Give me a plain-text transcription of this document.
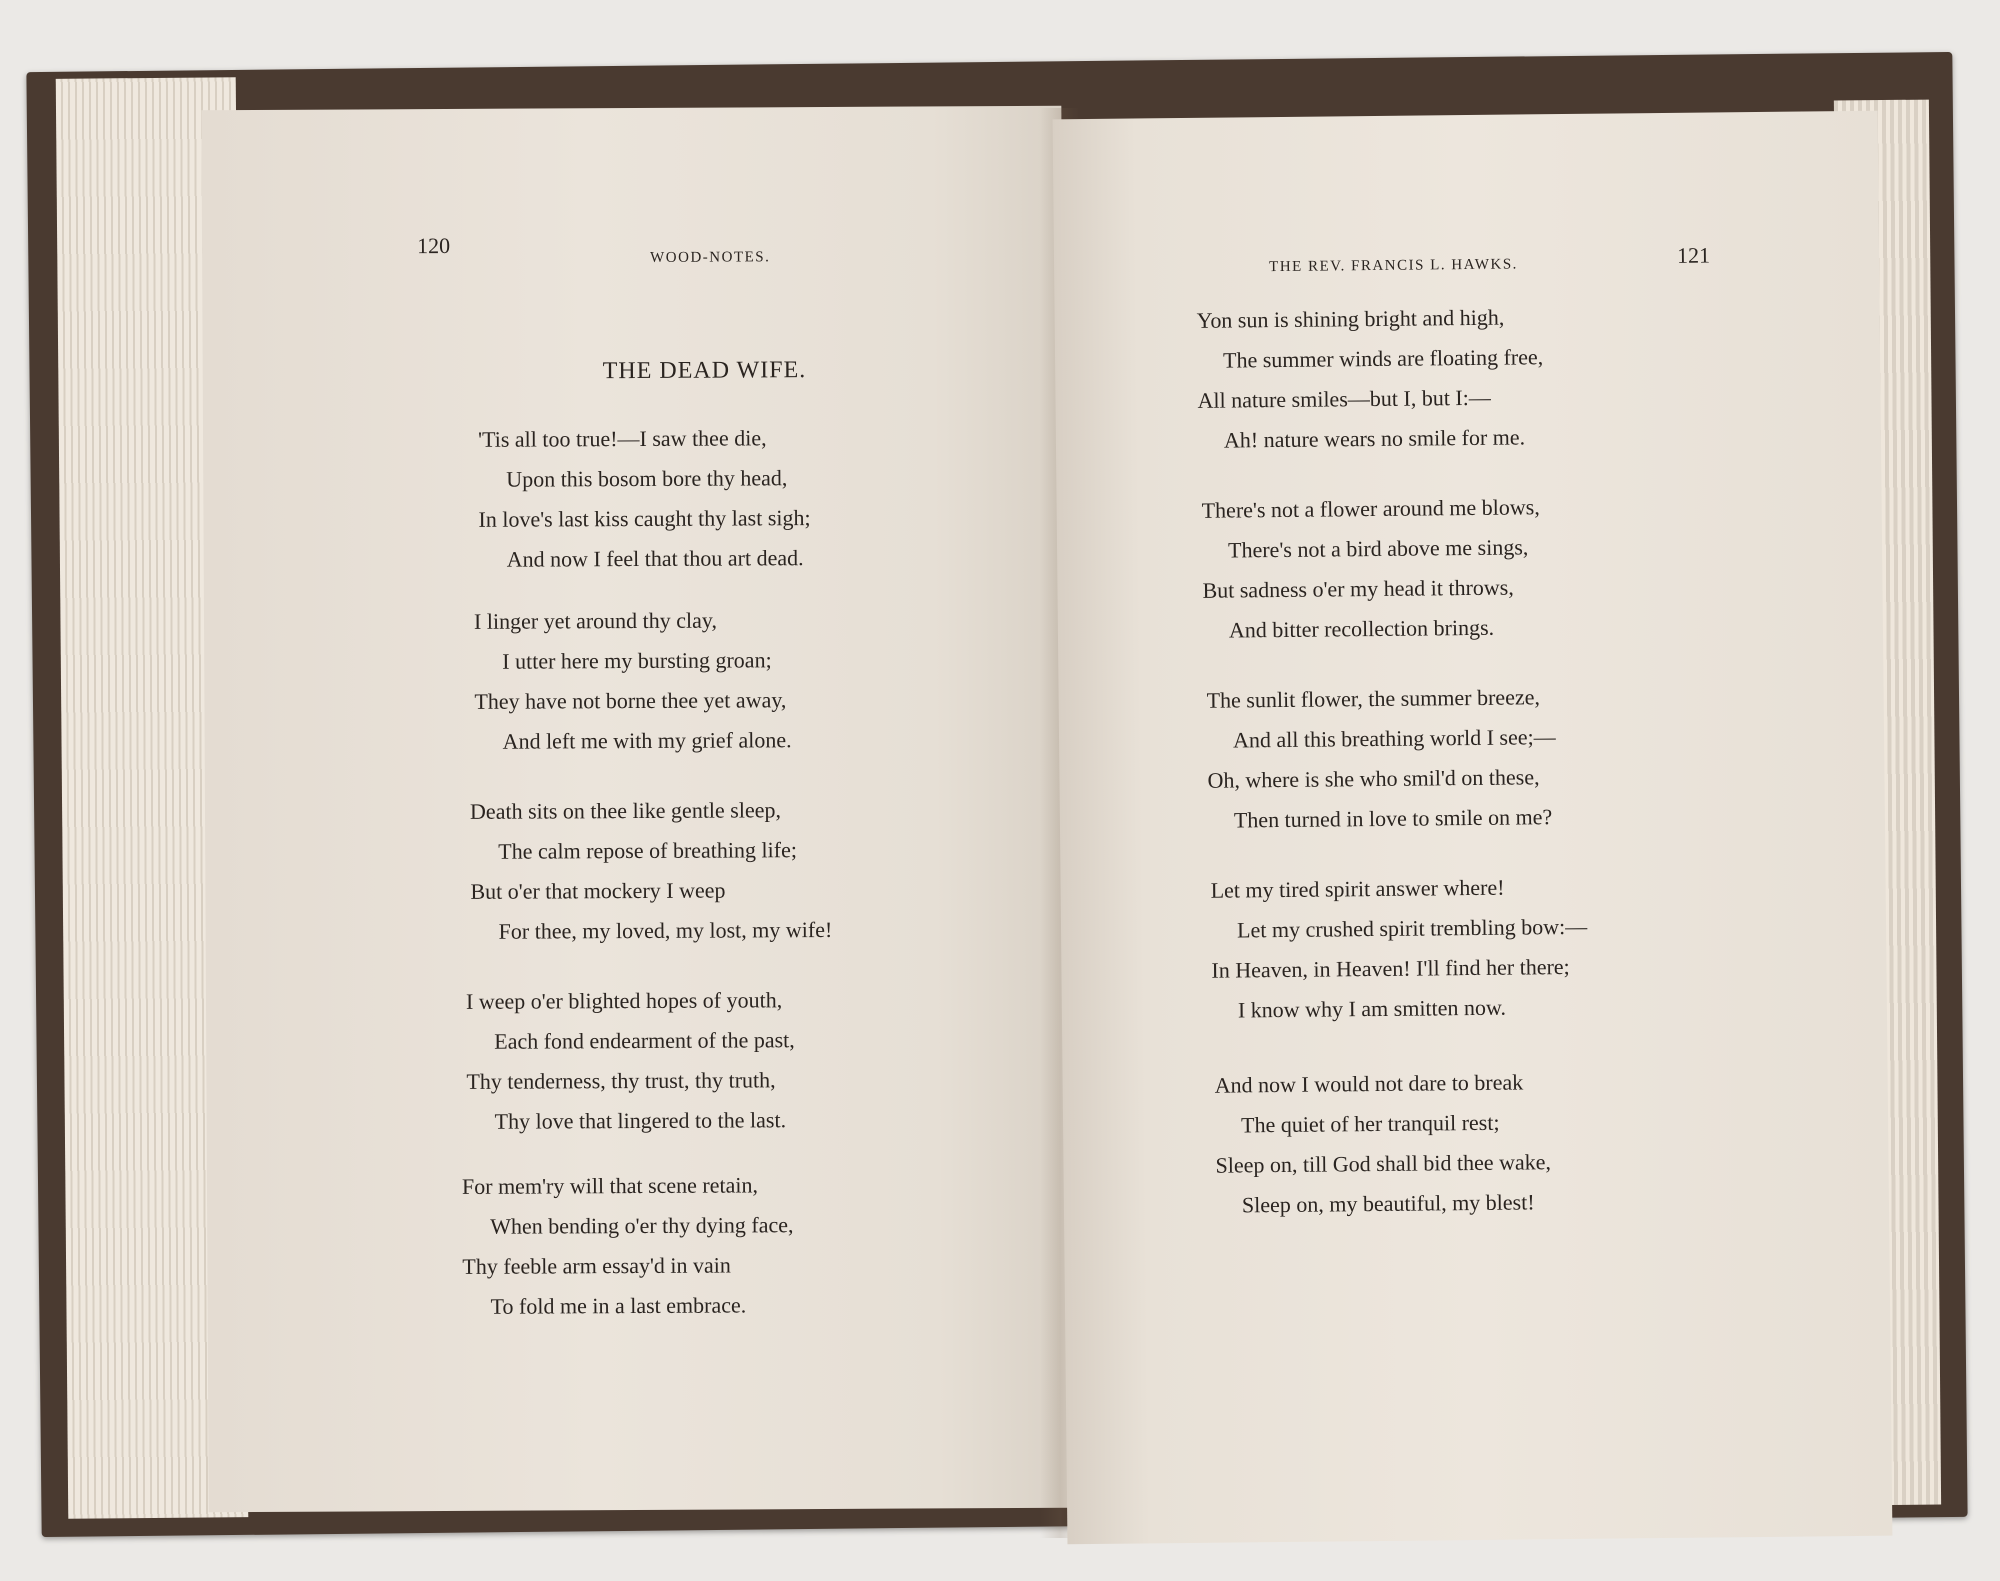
120	WOOD-NOTES.
THE DEAD WIFE.
'Tis all too true!—I saw thee die,
Upon this bosom bore thy head,
In love's last kiss caught thy last sigh;
And now I feel that thou art dead.
I linger yet around thy clay,
I utter here my bursting groan;
They have not borne thee yet away,
And left me with my grief alone.
Death sits on thee like gentle sleep,
The calm repose of breathing life;
But o'er that mockery I weep
For thee, my loved, my lost, my wife!
I weep o'er blighted hopes of youth,
Each fond endearment of the past,
Thy tenderness, thy trust, thy truth,
Thy love that lingered to the last.
For mem'ry will that scene retain,
When bending o'er thy dying face,
Thy feeble arm essay'd in vain
To fold me in a last embrace.
THE REV. FRANCIS L. HAWKS.	121
Yon sun is shining bright and high,
The summer winds are floating free,
All nature smiles—but I, but I:—
Ah! nature wears no smile for me.
There's not a flower around me blows,
There's not a bird above me sings,
But sadness o'er my head it throws,
And bitter recollection brings.
The sunlit flower, the summer breeze,
And all this breathing world I see;—
Oh, where is she who smil'd on these,
Then turned in love to smile on me?
Let my tired spirit answer where!
Let my crushed spirit trembling bow:—
In Heaven, in Heaven! I'll find her there;
I know why I am smitten now.
And now I would not dare to break
The quiet of her tranquil rest;
Sleep on, till God shall bid thee wake,
Sleep on, my beautiful, my blest!
